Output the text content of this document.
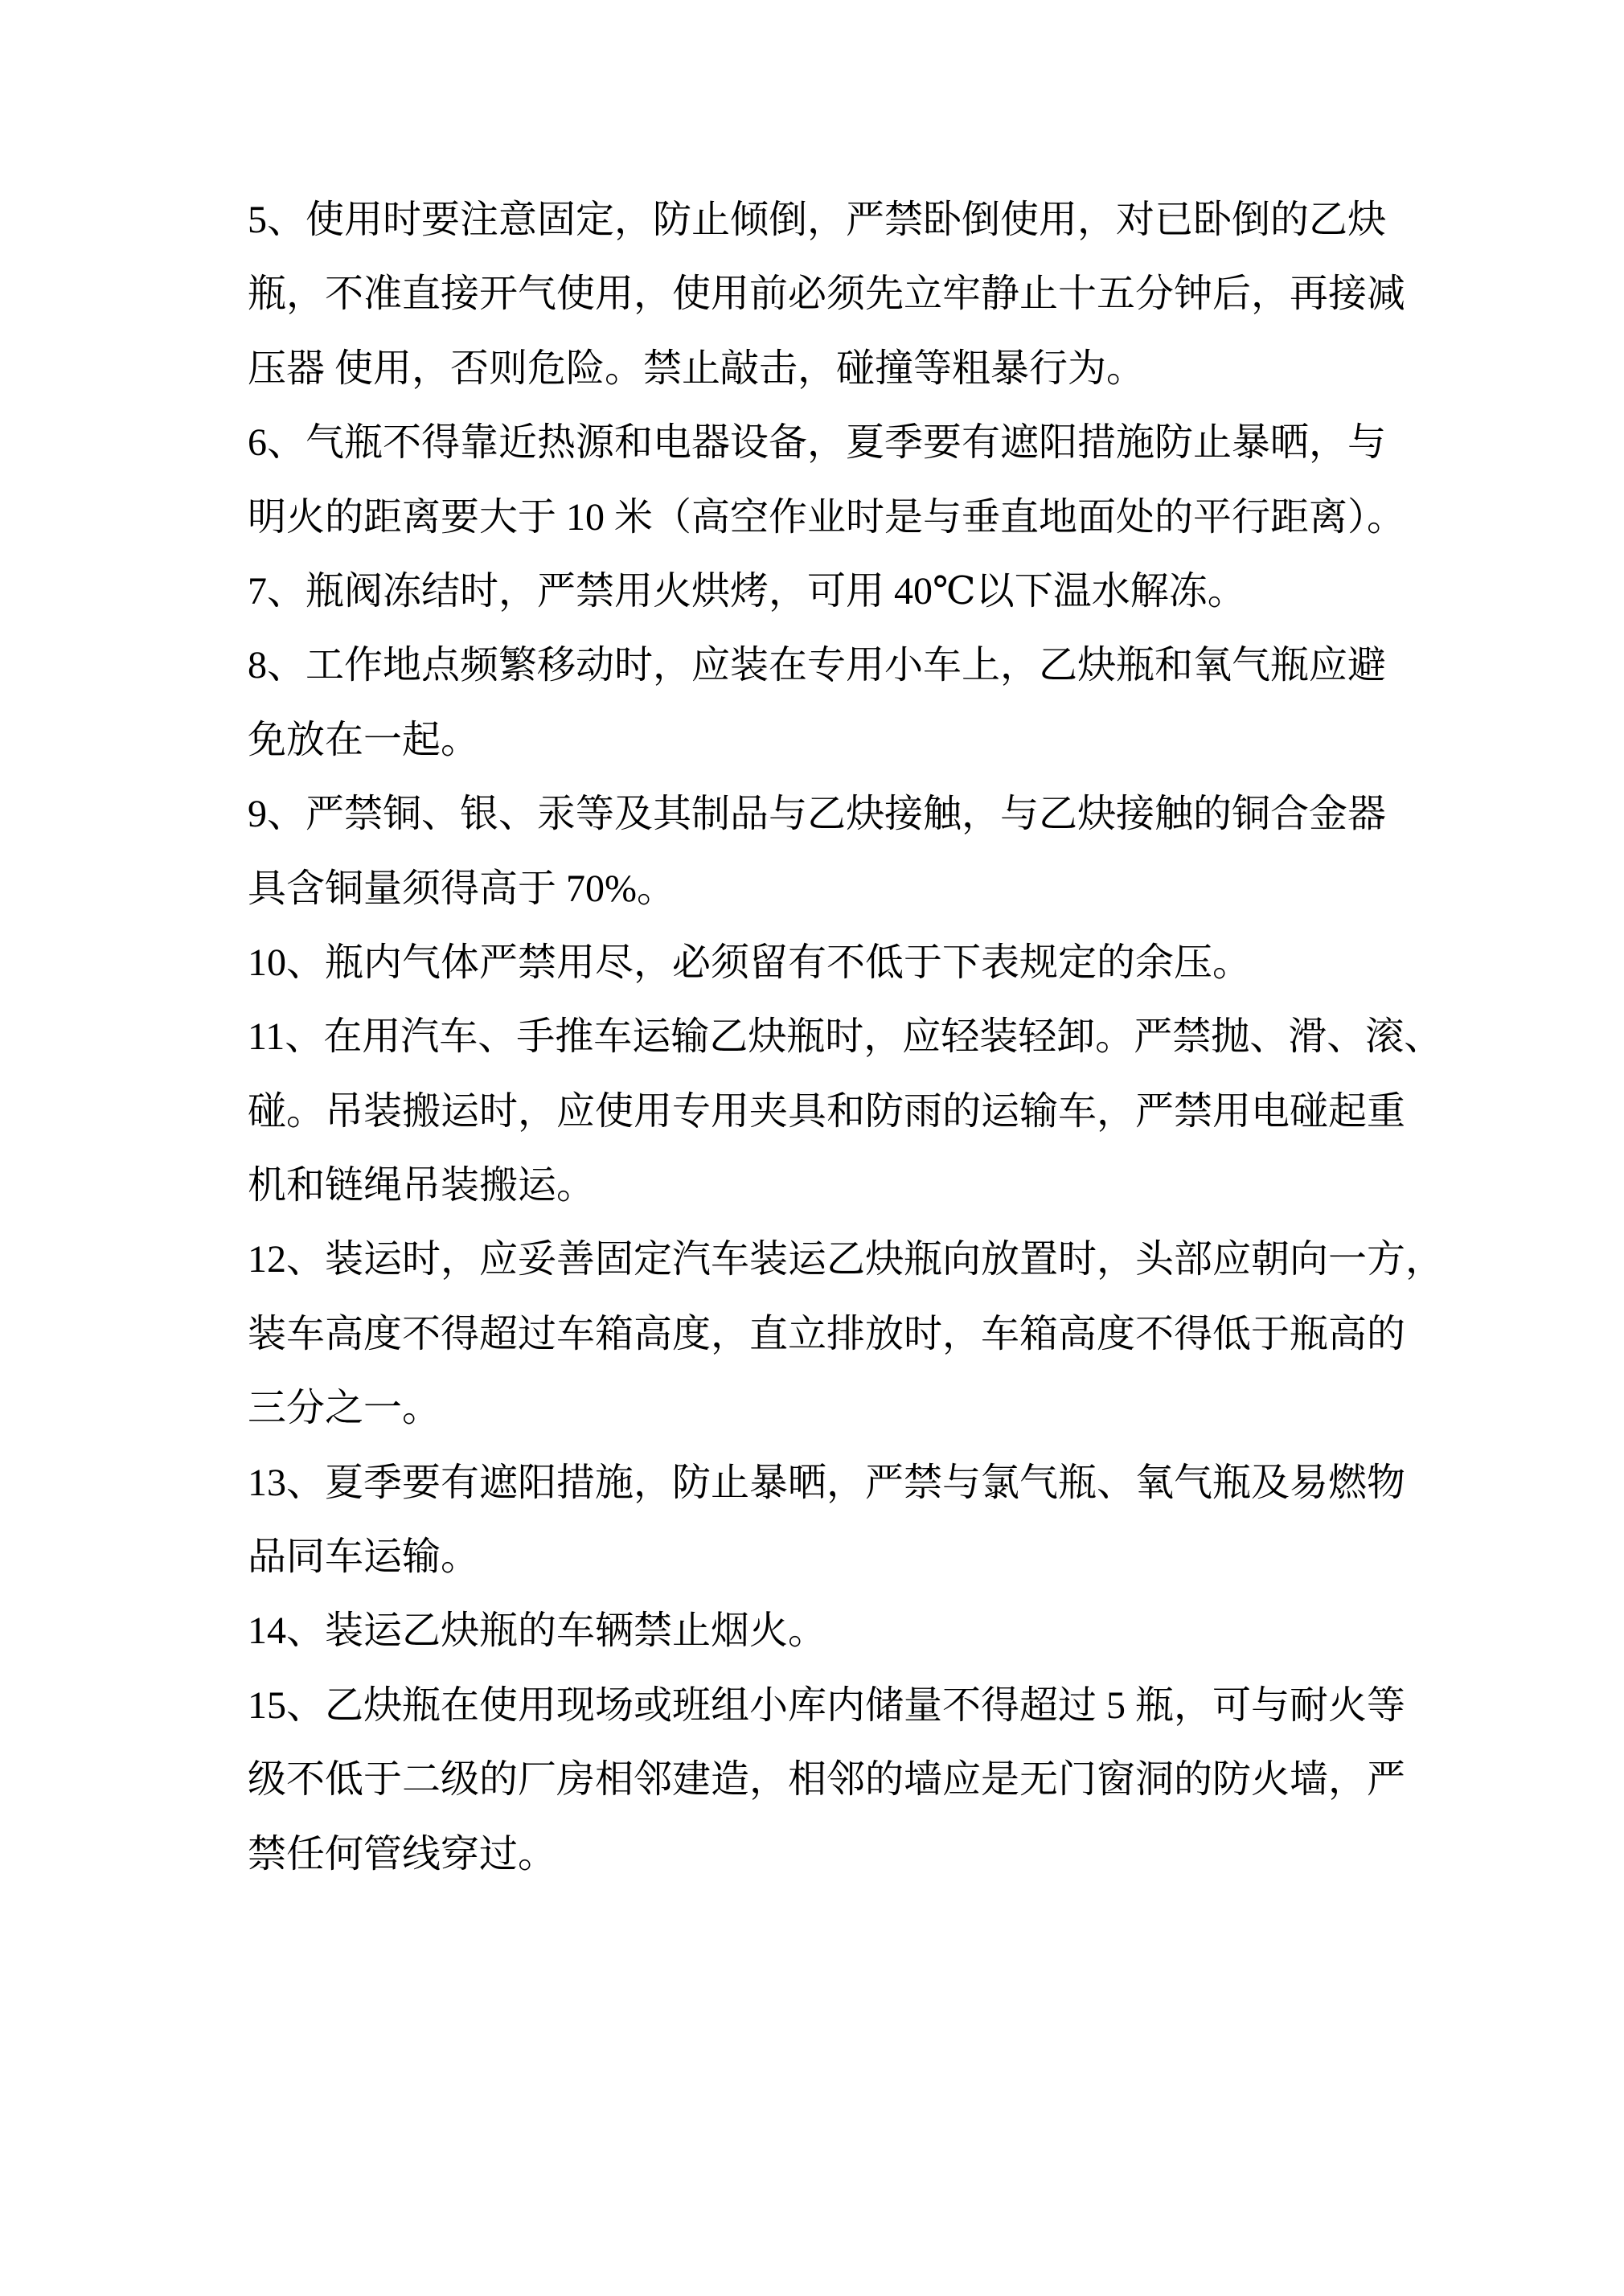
5、使用时要注意固定，防止倾倒，严禁卧倒使用，对已卧倒的乙炔
瓶，不准直接开气使用，使用前必须先立牢静止十五分钟后，再接减
压器 使用，否则危险。禁止敲击，碰撞等粗暴行为。
6、气瓶不得靠近热源和电器设备，夏季要有遮阳措施防止暴晒，与
明火的距离要大于 10 米（高空作业时是与垂直地面处的平行距离）。
7、瓶阀冻结时，严禁用火烘烤，可用 40℃以下温水解冻。
8、工作地点频繁移动时，应装在专用小车上，乙炔瓶和氧气瓶应避
免放在一起。
9、严禁铜、银、汞等及其制品与乙炔接触，与乙炔接触的铜合金器
具含铜量须得高于 70%。
10、瓶内气体严禁用尽，必须留有不低于下表规定的余压。
11、在用汽车、手推车运输乙炔瓶时，应轻装轻卸。严禁抛、滑、滚、
碰。吊装搬运时，应使用专用夹具和防雨的运输车，严禁用电碰起重
机和链绳吊装搬运。
12、装运时，应妥善固定汽车装运乙炔瓶向放置时，头部应朝向一方，
装车高度不得超过车箱高度，直立排放时，车箱高度不得低于瓶高的
三分之一。
13、夏季要有遮阳措施，防止暴晒，严禁与氯气瓶、氧气瓶及易燃物
品同车运输。
14、装运乙炔瓶的车辆禁止烟火。
15、乙炔瓶在使用现场或班组小库内储量不得超过 5 瓶，可与耐火等
级不低于二级的厂房相邻建造，相邻的墙应是无门窗洞的防火墙，严
禁任何管线穿过。
